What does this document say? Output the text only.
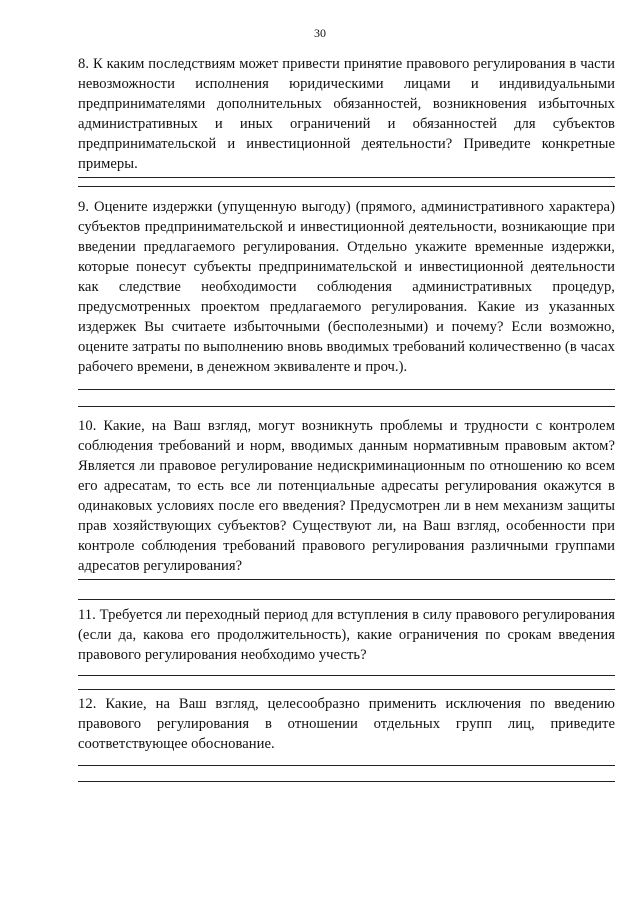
30

8. К каким последствиям может привести принятие правового регулирования в части невозможности исполнения юридическими лицами и индивидуальными предпринимателями дополнительных обязанностей, возникновения избыточных административных и иных ограничений и обязанностей для субъектов предпринимательской и инвестиционной деятельности? Приведите конкретные примеры.

9. Оцените издержки (упущенную выгоду) (прямого, административного характера) субъектов предпринимательской и инвестиционной деятельности, возникающие при введении предлагаемого регулирования. Отдельно укажите временные издержки, которые понесут субъекты предпринимательской и инвестиционной деятельности как следствие необходимости соблюдения административных процедур, предусмотренных проектом предлагаемого регулирования. Какие из указанных издержек Вы считаете избыточными (бесполезными) и почему? Если возможно, оцените затраты по выполнению вновь вводимых требований количественно (в часах рабочего времени, в денежном эквиваленте и проч.).

10. Какие, на Ваш взгляд, могут возникнуть проблемы и трудности с контролем соблюдения требований и норм, вводимых данным нормативным правовым актом? Является ли правовое регулирование недискриминационным по отношению ко всем его адресатам, то есть все ли потенциальные адресаты регулирования окажутся в одинаковых условиях после его введения? Предусмотрен ли в нем механизм защиты прав хозяйствующих субъектов? Существуют ли, на Ваш взгляд, особенности при контроле соблюдения требований правового регулирования различными группами адресатов регулирования?

11. Требуется ли переходный период для вступления в силу правового регулирования (если да, какова его продолжительность), какие ограничения по срокам введения правового регулирования необходимо учесть?

12. Какие, на Ваш взгляд, целесообразно применить исключения по введению правового регулирования в отношении отдельных групп лиц, приведите соответствующее обоснование.
